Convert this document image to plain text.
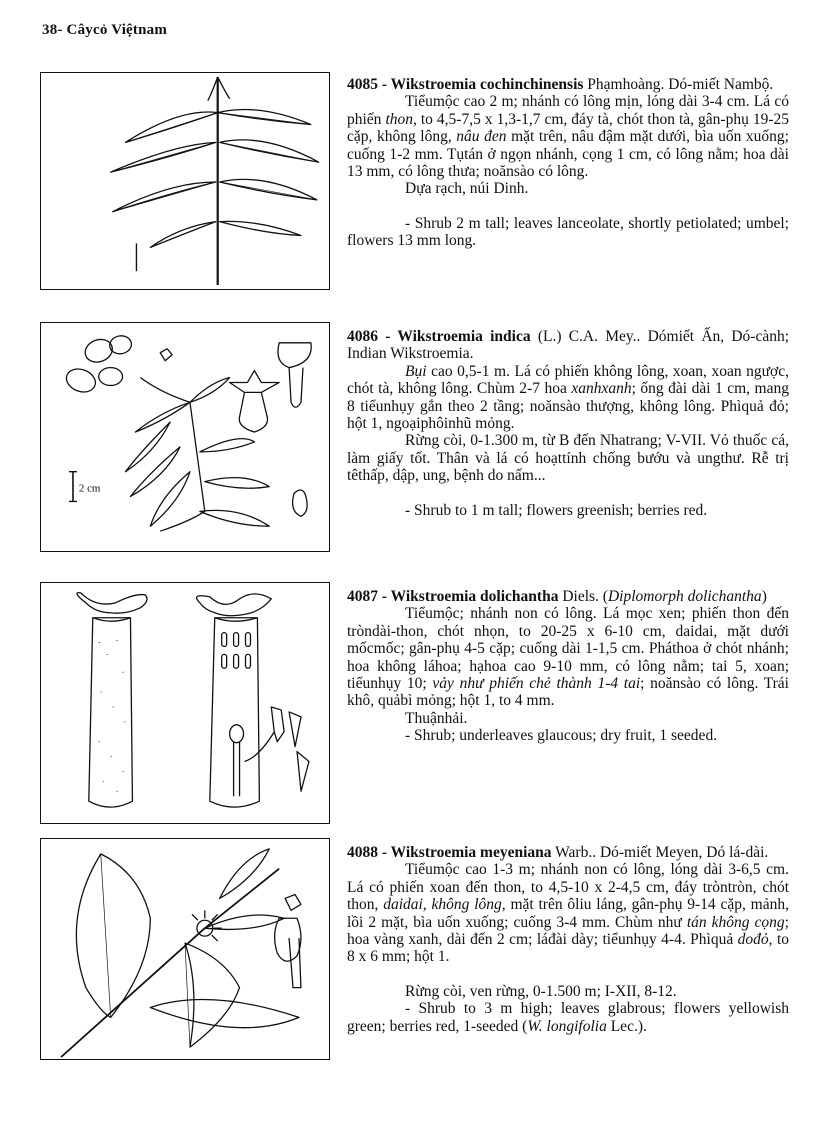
38- Câycỏ Việtnam
2 cm

4085 - Wikstroemia cochinchinensis Phạmhoàng. Dó-miết Nambộ.

Tiểumộc cao 2 m; nhánh có lông mịn, lóng dài 3-4 cm. Lá có phiến thon, to 4,5-7,5 x 1,3-1,7 cm, đáy tà, chót thon tà, gân-phụ 19-25 cặp, không lông, nâu đen mặt trên, nâu đậm mặt dưới, bìa uốn xuống; cuống 1-2 mm. Tụtán ở ngọn nhánh, cọng 1 cm, có lông nằm; hoa dài 13 mm, có lông thưa; noănsào có lông.

Dựa rạch, núi Dinh.

- Shrub 2 m tall; leaves lanceolate, shortly petiolated; umbel; flowers 13 mm long.

4086 - Wikstroemia indica (L.) C.A. Mey.. Dómiết Ấn, Dó-cành; Indian Wikstroemia.

Bụi cao 0,5-1 m. Lá có phiến không lông, xoan, xoan ngược, chót tà, không lông. Chùm 2-7 hoa xanhxanh; ống đài dài 1 cm, mang 8 tiểunhụy gắn theo 2 tầng; noănsào thượng, không lông. Phìquả đỏ; hột 1, ngoạiphôinhũ mỏng.

Rừng còi, 0-1.300 m, từ B đến Nhatrang; V-VII. Vỏ thuốc cá, làm giấy tốt. Thân và lá có hoạttính chống bướu và ungthư. Rễ trị têthấp, dập, ung, bệnh do nấm...

- Shrub to 1 m tall; flowers greenish; berries red.

4087 - Wikstroemia dolichantha Diels. (Diplomorph dolichantha)

Tiểumộc; nhánh non có lông. Lá mọc xen; phiến thon đến tròndài-thon, chót nhọn, to 20-25 x 6-10 cm, daidai, mặt dưới mốcmốc; gân-phụ 4-5 cặp; cuống dài 1-1,5 cm. Pháthoa ở chót nhánh; hoa không láhoa; hạhoa cao 9-10 mm, có lông nằm; tai 5, xoan; tiểunhụy 10; vảy như phiến chẻ thành 1-4 tai; noănsào có lông. Trái khô, quảbì mỏng; hột 1, to 4 mm.

Thuậnhải.

- Shrub; underleaves glaucous; dry fruit, 1 seeded.

4088 - Wikstroemia meyeniana Warb.. Dó-miết Meyen, Dó lá-dài.

Tiểumộc cao 1-3 m; nhánh non có lông, lóng dài 3-6,5 cm. Lá có phiến xoan đến thon, to 4,5-10 x 2-4,5 cm, đáy tròntròn, chót thon, daidai, không lông, mặt trên ôliu láng, gân-phụ 9-14 cặp, mảnh, lồi 2 mặt, bìa uốn xuống; cuống 3-4 mm. Chùm như tán không cọng; hoa vàng xanh, dài đến 2 cm; láđài dày; tiểunhụy 4-4. Phìquả dođỏ, to 8 x 6 mm; hột 1.

Rừng còi, ven rừng, 0-1.500 m; I-XII, 8-12.

- Shrub to 3 m high; leaves glabrous; flowers yellowish green; berries red, 1-seeded (W. longifolia Lec.).
